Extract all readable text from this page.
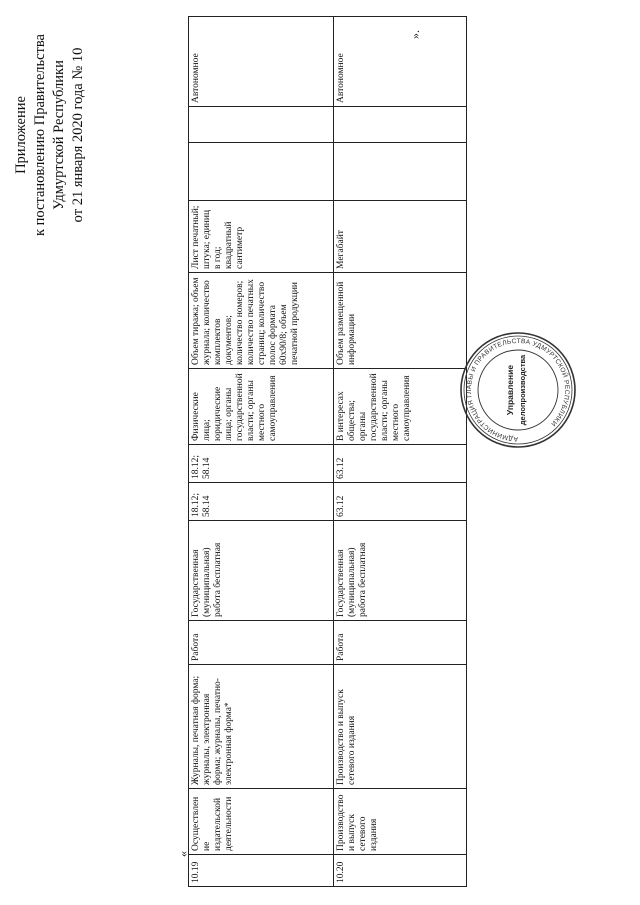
Приложение к постановлению Правительства Удмуртской Республики от 21 января 2020 года № 10
«
10.19	Осуществление издательской деятельности	Журналы, печатная форма; журналы, электронная форма; журналы, печатно-электронная форма*	Работа	Государственная (муниципальная) работа бесплатная	18.12; 58.14	18.12; 58.14	Физические лица; юридические лица; органы государственной власти; органы местного самоуправления	Объем тиража; объем журнала; количество комплектов документов; количество номеров; количество печатных страниц; количество полос формата 60х90/8; объем печатной продукции	Лист печатный; штука; единиц в год; квадратный сантиметр			Автономное
10.20	Производство и выпуск сетевого издания	Производство и выпуск сетевого издания	Работа	Государственная (муниципальная) работа бесплатная	63.12	63.12	В интересах общества; органы государственной власти; органы местного самоуправления	Объем размещенной информации	Мегабайт			Автономное
».
АДМИНИСТРАЦИЯ ГЛАВЫ И ПРАВИТЕЛЬСТВА УДМУРТСКОЙ РЕСПУБЛИКИ
Управление делопроизводства
